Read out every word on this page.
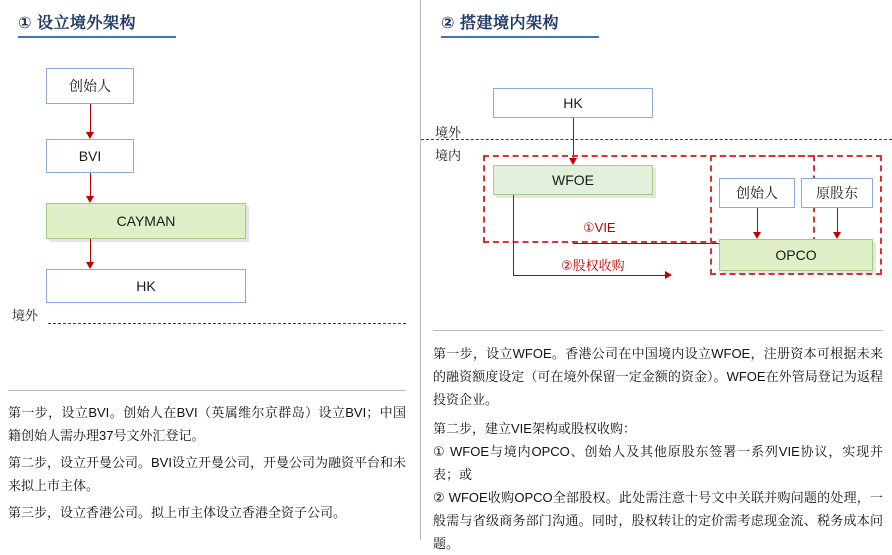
① 设立境外架构
创始人
BVI
CAYMAN
HK
境外
第一步，设立BVI。创始人在BVI（英属维尔京群岛）设立BVI；中国籍创始人需办理37号文外汇登记。
第二步，设立开曼公司。BVI设立开曼公司，开曼公司为融资平台和未来拟上市主体。
第三步，设立香港公司。拟上市主体设立香港全资子公司。
② 搭建境内架构
HK
境外
境内
WFOE
①VIE
②股权收购
创始人	原股东
OPCO
第一步，设立WFOE。香港公司在中国境内设立WFOE，注册资本可根据未来的融资额度设定（可在境外保留一定金额的资金）。WFOE在外管局登记为返程投资企业。
第二步，建立VIE架构或股权收购：
① WFOE与境内OPCO、创始人及其他原股东签署一系列VIE协议，实现并表；或
② WFOE收购OPCO全部股权。此处需注意十号文中关联并购问题的处理，一般需与省级商务部门沟通。同时，股权转让的定价需考虑现金流、税务成本问题。
